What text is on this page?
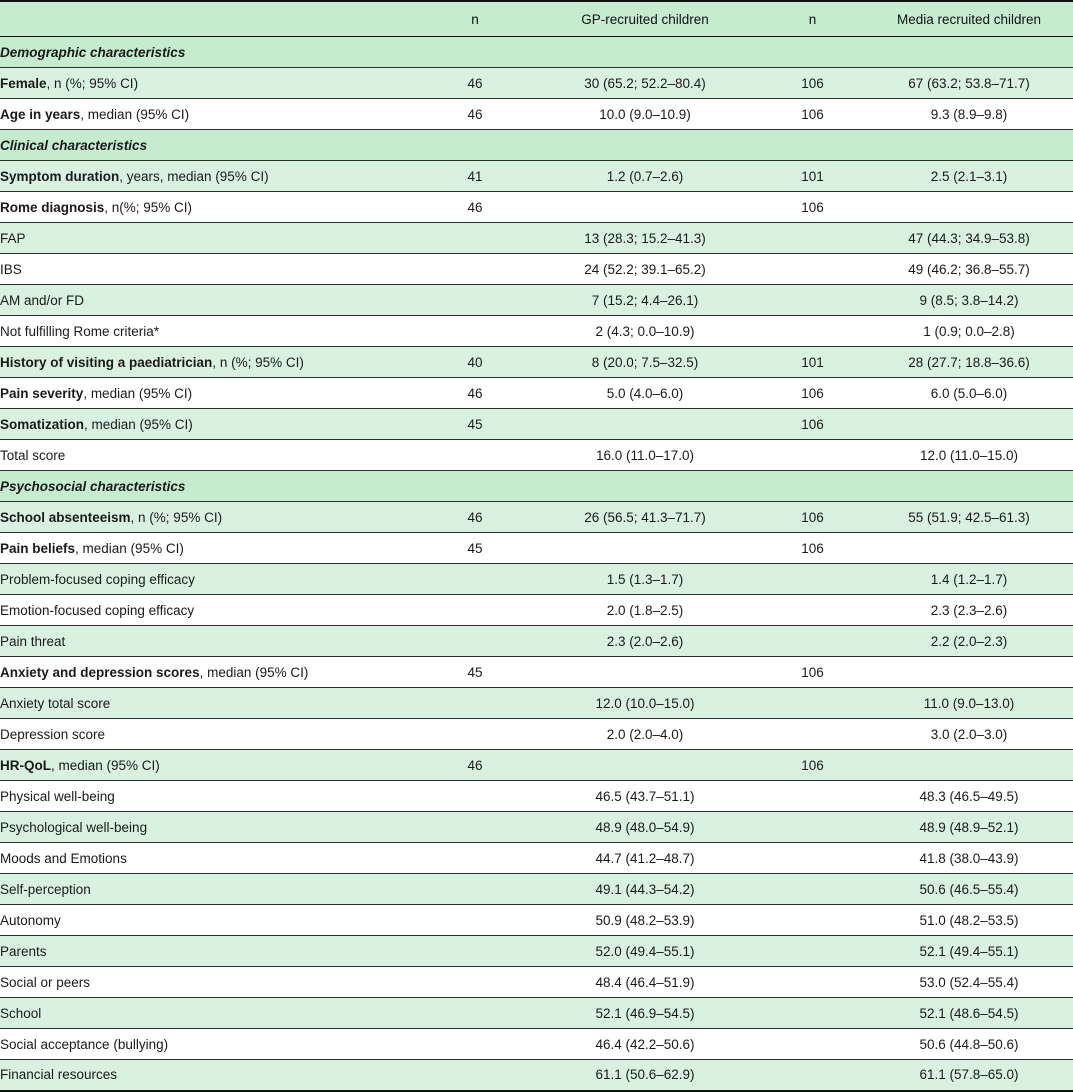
	n	GP-recruited children	n	Media recruited children
Demographic characteristics				
Female, n (%; 95% CI)	46	30 (65.2; 52.2–80.4)	106	67 (63.2; 53.8–71.7)
Age in years, median (95% CI)	46	10.0 (9.0–10.9)	106	9.3 (8.9–9.8)
Clinical characteristics				
Symptom duration, years, median (95% CI)	41	1.2 (0.7–2.6)	101	2.5 (2.1–3.1)
Rome diagnosis, n(%; 95% CI)	46		106	
FAP		13 (28.3; 15.2–41.3)		47 (44.3; 34.9–53.8)
IBS		24 (52.2; 39.1–65.2)		49 (46.2; 36.8–55.7)
AM and/or FD		7 (15.2; 4.4–26.1)		9 (8.5; 3.8–14.2)
Not fulfilling Rome criteria*		2 (4.3; 0.0–10.9)		1 (0.9; 0.0–2.8)
History of visiting a paediatrician, n (%; 95% CI)	40	8 (20.0; 7.5–32.5)	101	28 (27.7; 18.8–36.6)
Pain severity, median (95% CI)	46	5.0 (4.0–6.0)	106	6.0 (5.0–6.0)
Somatization, median (95% CI)	45		106	
Total score		16.0 (11.0–17.0)		12.0 (11.0–15.0)
Psychosocial characteristics				
School absenteeism, n (%; 95% CI)	46	26 (56.5; 41.3–71.7)	106	55 (51.9; 42.5–61.3)
Pain beliefs, median (95% CI)	45		106	
Problem-focused coping efficacy		1.5 (1.3–1.7)		1.4 (1.2–1.7)
Emotion-focused coping efficacy		2.0 (1.8–2.5)		2.3 (2.3–2.6)
Pain threat		2.3 (2.0–2.6)		2.2 (2.0–2.3)
Anxiety and depression scores, median (95% CI)	45		106	
Anxiety total score		12.0 (10.0–15.0)		11.0 (9.0–13.0)
Depression score		2.0 (2.0–4.0)		3.0 (2.0–3.0)
HR-QoL, median (95% CI)	46		106	
Physical well-being		46.5 (43.7–51.1)		48.3 (46.5–49.5)
Psychological well-being		48.9 (48.0–54.9)		48.9 (48.9–52.1)
Moods and Emotions		44.7 (41.2–48.7)		41.8 (38.0–43.9)
Self-perception		49.1 (44.3–54.2)		50.6 (46.5–55.4)
Autonomy		50.9 (48.2–53.9)		51.0 (48.2–53.5)
Parents		52.0 (49.4–55.1)		52.1 (49.4–55.1)
Social or peers		48.4 (46.4–51.9)		53.0 (52.4–55.4)
School		52.1 (46.9–54.5)		52.1 (48.6–54.5)
Social acceptance (bullying)		46.4 (42.2–50.6)		50.6 (44.8–50.6)
Financial resources		61.1 (50.6–62.9)		61.1 (57.8–65.0)
